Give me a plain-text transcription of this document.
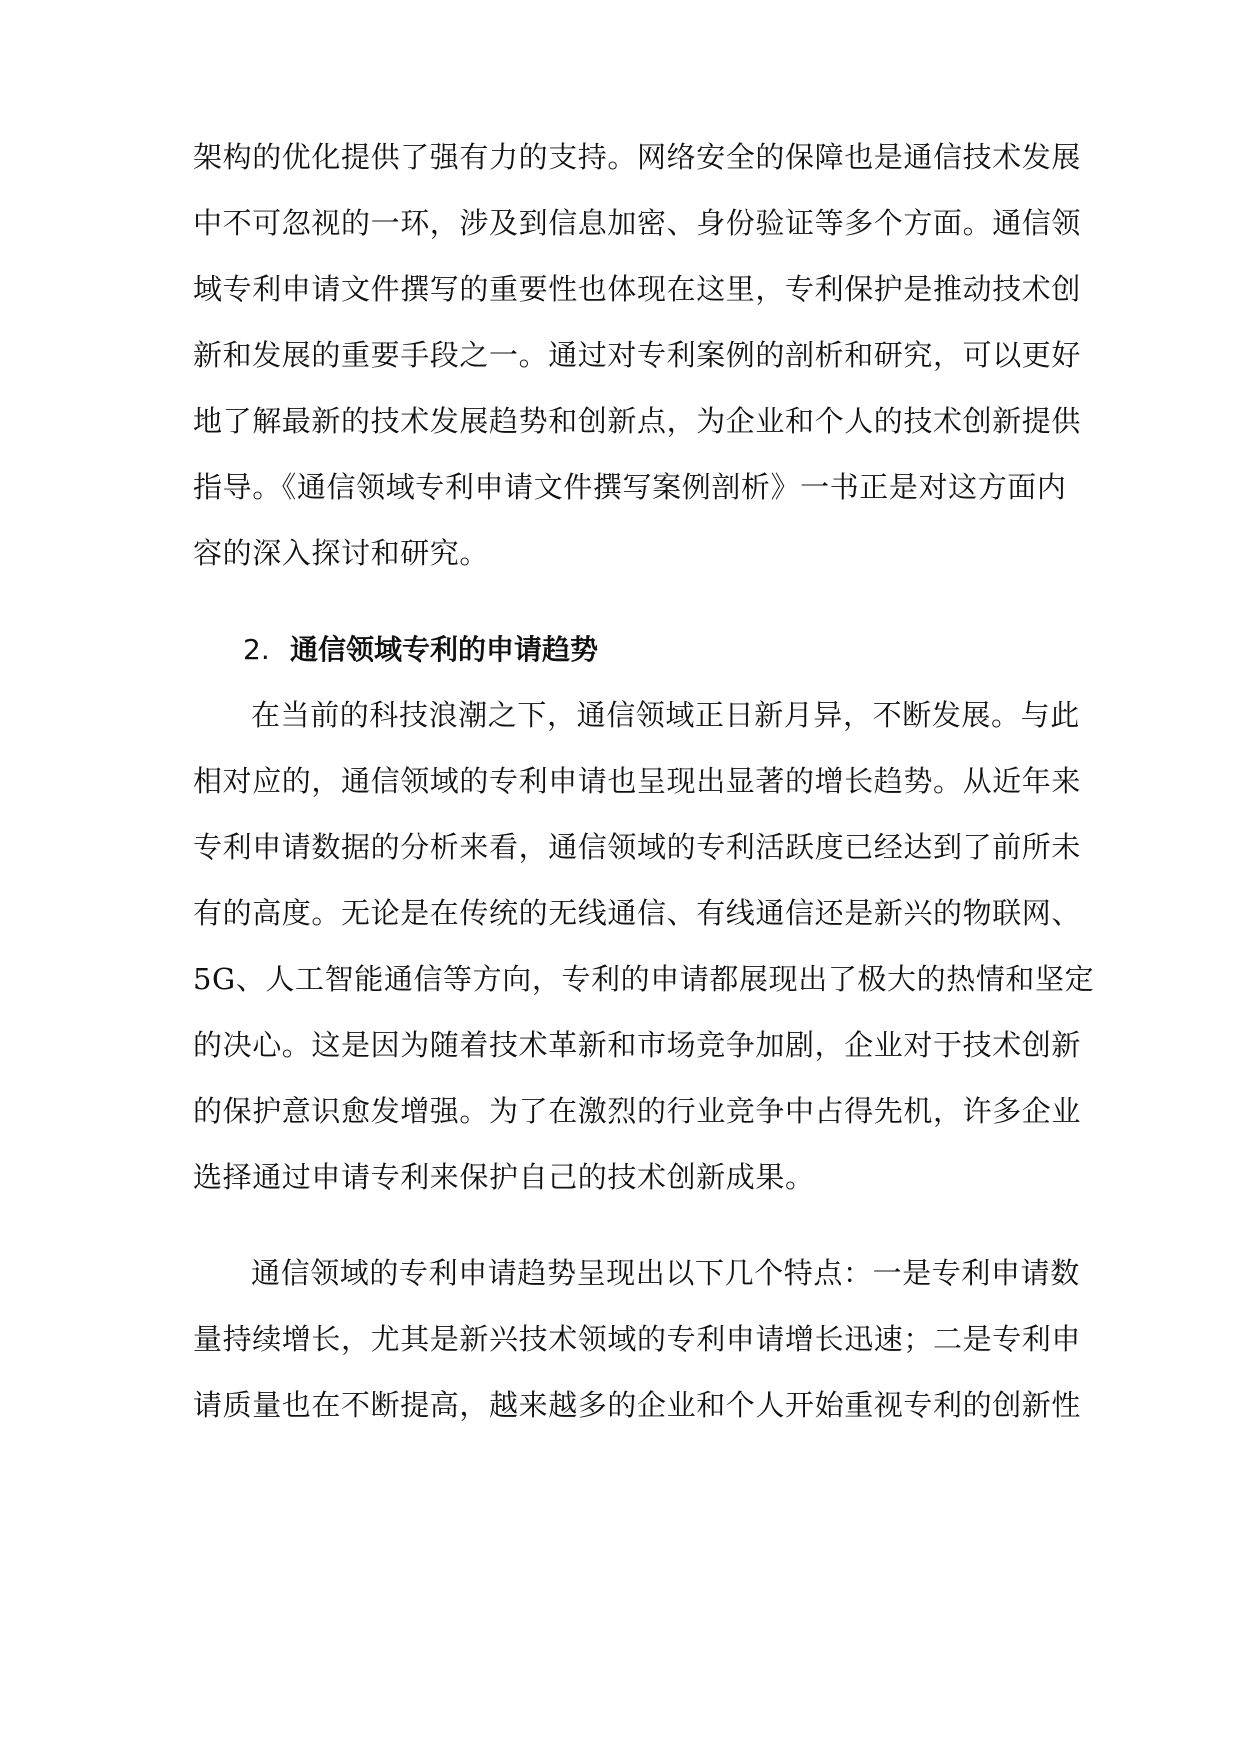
架构的优化提供了强有力的支持。网络安全的保障也是通信技术发展
中不可忽视的一环，涉及到信息加密、身份验证等多个方面。通信领
域专利申请文件撰写的重要性也体现在这里，专利保护是推动技术创
新和发展的重要手段之一。通过对专利案例的剖析和研究，可以更好
地了解最新的技术发展趋势和创新点，为企业和个人的技术创新提供
指导。《通信领域专利申请文件撰写案例剖析》一书正是对这方面内
容的深入探讨和研究。
2. 通信领域专利的申请趋势
在当前的科技浪潮之下，通信领域正日新月异，不断发展。与此
相对应的，通信领域的专利申请也呈现出显著的增长趋势。从近年来
专利申请数据的分析来看，通信领域的专利活跃度已经达到了前所未
有的高度。无论是在传统的无线通信、有线通信还是新兴的物联网、
5G、人工智能通信等方向，专利的申请都展现出了极大的热情和坚定
的决心。这是因为随着技术革新和市场竞争加剧，企业对于技术创新
的保护意识愈发增强。为了在激烈的行业竞争中占得先机，许多企业
选择通过申请专利来保护自己的技术创新成果。
通信领域的专利申请趋势呈现出以下几个特点：一是专利申请数
量持续增长，尤其是新兴技术领域的专利申请增长迅速；二是专利申
请质量也在不断提高，越来越多的企业和个人开始重视专利的创新性
